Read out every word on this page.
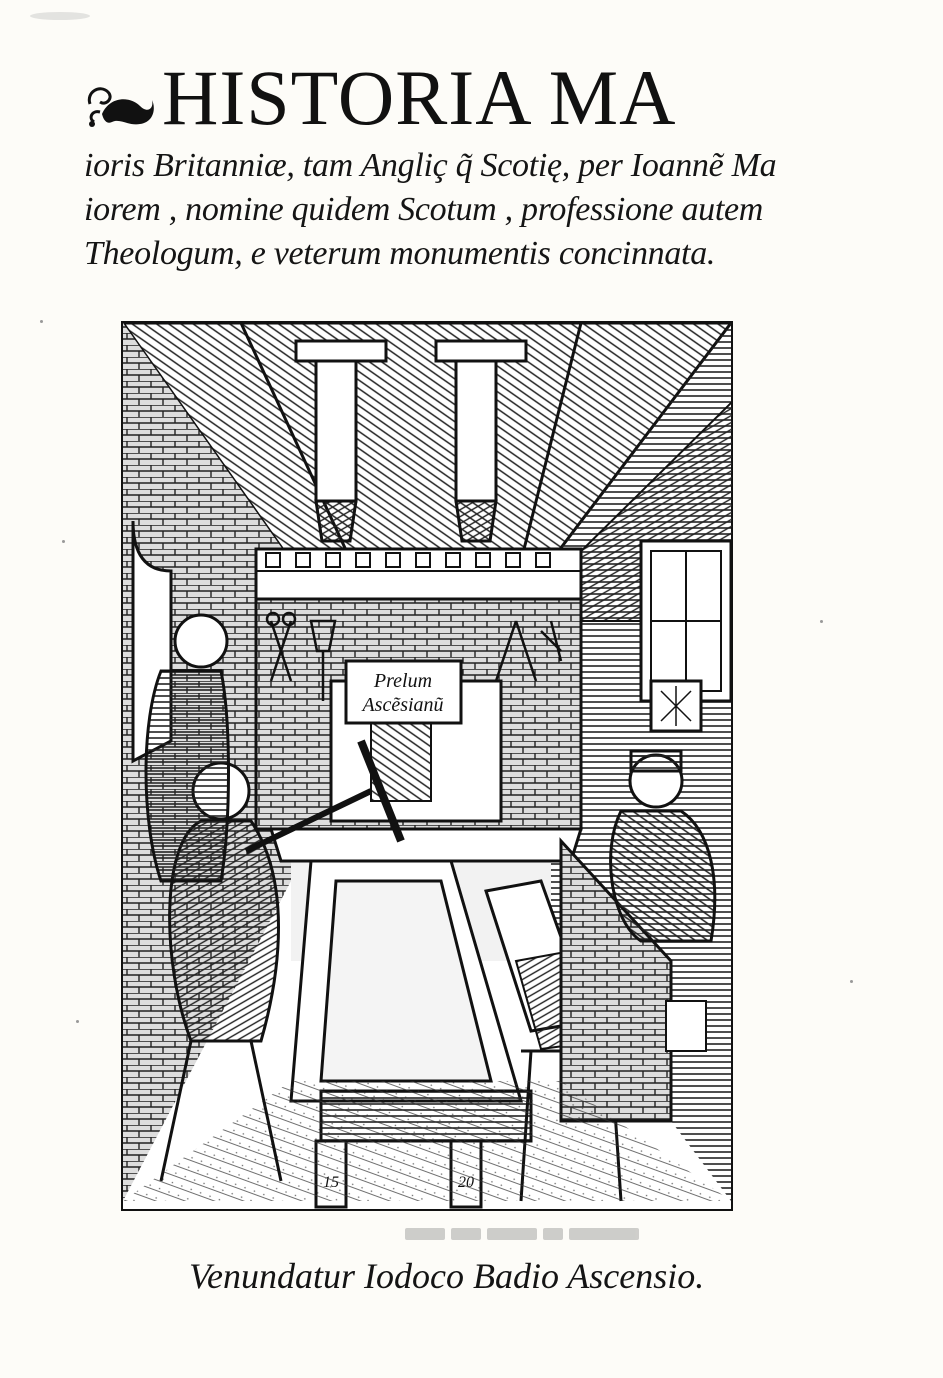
HISTORIA MA
ioris Britanniæ, tam Angliç q̃ Scotię, per Ioannẽ Ma
iorem , nomine quidem Scotum , professione autem
Theologum, e veterum monumentis concinnata.
Prelum
Ascẽsianũ
Venundatur Iodoco Badio Ascensio.
